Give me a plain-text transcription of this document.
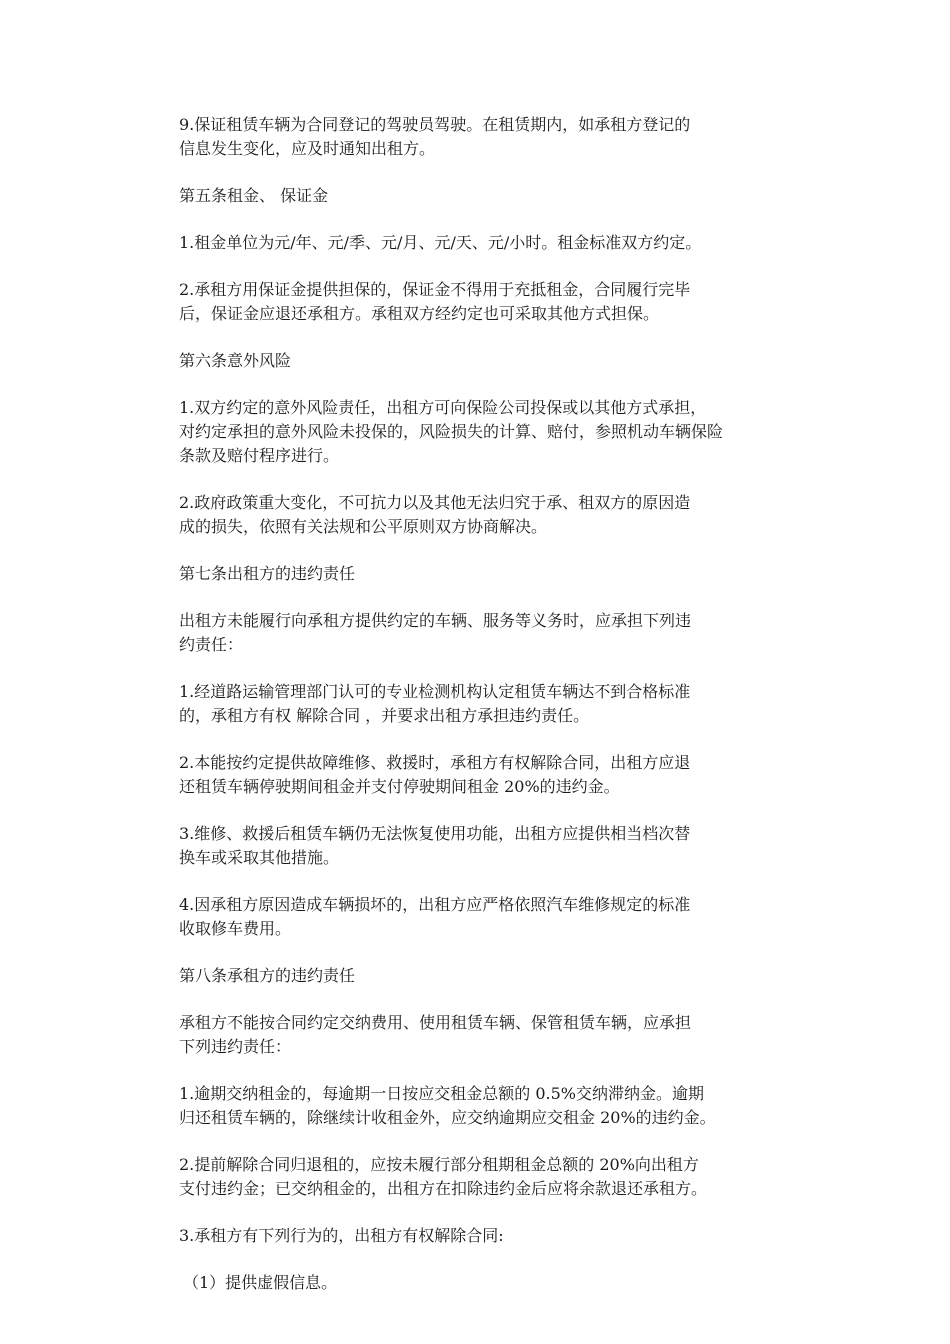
9.保证租赁车辆为合同登记的驾驶员驾驶。在租赁期内，如承租方登记的
信息发生变化，应及时通知出租方。

第五条租金、 保证金

1.租金单位为元/年、元/季、元/月、元/天、元/小时。租金标准双方约定。

2.承租方用保证金提供担保的，保证金不得用于充抵租金，合同履行完毕
后，保证金应退还承租方。承租双方经约定也可采取其他方式担保。

第六条意外风险

1.双方约定的意外风险责任，出租方可向保险公司投保或以其他方式承担，
对约定承担的意外风险未投保的，风险损失的计算、赔付，参照机动车辆保险
条款及赔付程序进行。

2.政府政策重大变化，不可抗力以及其他无法归究于承、租双方的原因造
成的损失，依照有关法规和公平原则双方协商解决。

第七条出租方的违约责任

出租方未能履行向承租方提供约定的车辆、服务等义务时，应承担下列违
约责任：

1.经道路运输管理部门认可的专业检测机构认定租赁车辆达不到合格标准
的，承租方有权 解除合同 ，并要求出租方承担违约责任。

2.本能按约定提供故障维修、救援时，承租方有权解除合同，出租方应退
还租赁车辆停驶期间租金并支付停驶期间租金 20%的违约金。

3.维修、救援后租赁车辆仍无法恢复使用功能，出租方应提供相当档次替
换车或采取其他措施。

4.因承租方原因造成车辆损坏的，出租方应严格依照汽车维修规定的标准
收取修车费用。

第八条承租方的违约责任

承租方不能按合同约定交纳费用、使用租赁车辆、保管租赁车辆，应承担
下列违约责任：

1.逾期交纳租金的，每逾期一日按应交租金总额的 0.5%交纳滞纳金。逾期
归还租赁车辆的，除继续计收租金外，应交纳逾期应交租金 20%的违约金。

2.提前解除合同归退租的，应按未履行部分租期租金总额的 20%向出租方
支付违约金；已交纳租金的，出租方在扣除违约金后应将余款退还承租方。

3.承租方有下列行为的，出租方有权解除合同:

（1）提供虚假信息。
